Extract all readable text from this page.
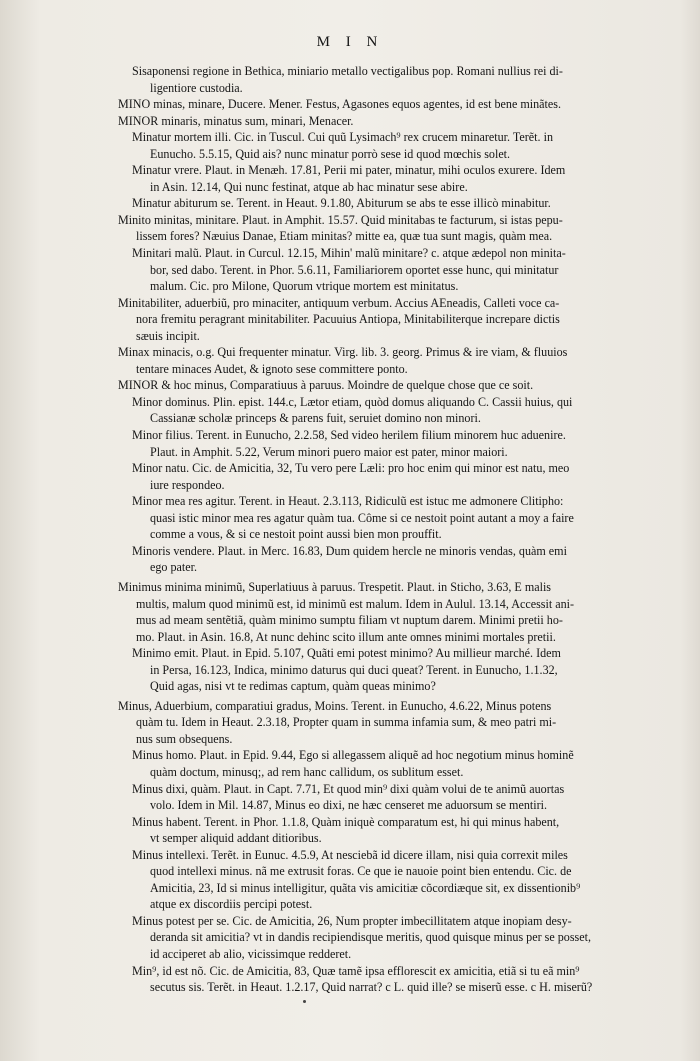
M I N
Sisaponensi regione in Bethica, miniario metallo vectigalibus pop. Romani nullius rei di-
ligentiore custodia.
MINO minas, minare, Ducere. Mener. Festus, Agasones equos agentes, id est bene minãtes.
MINOR minaris, minatus sum, minari, Menacer.
Minatur mortem illi. Cic. in Tuscul. Cui quũ Lysimach⁹ rex crucem minaretur. Terẽt. in
Eunucho. 5.5.15, Quid ais? nunc minatur porrò sese id quod mœchis solet.
Minatur vrere. Plaut. in Menæh. 17.81, Perii mi pater, minatur, mihi oculos exurere. Idem
in Asin. 12.14, Qui nunc festinat, atque ab hac minatur sese abire.
Minatur abiturum se. Terent. in Heaut. 9.1.80, Abiturum se abs te esse illicò minabitur.
Minito minitas, minitare. Plaut. in Amphit. 15.57. Quid minitabas te facturum, si istas pepu-
lissem fores? Næuius Danae, Etiam minitas? mitte ea, quæ tua sunt magis, quàm mea.
Minitari malũ. Plaut. in Curcul. 12.15, Mihin' malũ minitare? c. atque ædepol non minita-
bor, sed dabo. Terent. in Phor. 5.6.11, Familiariorem oportet esse hunc, qui minitatur
malum. Cic. pro Milone, Quorum vtrique mortem est minitatus.
Minitabiliter, aduerbiũ, pro minaciter, antiquum verbum. Accius AEneadis, Calleti voce ca-
nora fremitu peragrant minitabiliter. Pacuuius Antiopa, Minitabiliterque increpare dictis
sæuis incipit.
Minax minacis, o.g. Qui frequenter minatur. Virg. lib. 3. georg. Primus & ire viam, & fluuios
tentare minaces Audet, & ignoto sese committere ponto.
MINOR & hoc minus, Comparatiuus à paruus. Moindre de quelque chose que ce soit.
Minor dominus. Plin. epist. 144.c, Lætor etiam, quòd domus aliquando C. Cassii huius, qui
Cassianæ scholæ princeps & parens fuit, seruiet domino non minori.
Minor filius. Terent. in Eunucho, 2.2.58, Sed video herilem filium minorem huc aduenire.
Plaut. in Amphit. 5.22, Verum minori puero maior est pater, minor maiori.
Minor natu. Cic. de Amicitia, 32, Tu vero pere Læli: pro hoc enim qui minor est natu, meo
iure respondeo.
Minor mea res agitur. Terent. in Heaut. 2.3.113, Ridiculũ est istuc me admonere Clitipho:
quasi istic minor mea res agatur quàm tua. Côme si ce nestoit point autant a moy a faire
comme a vous, & si ce nestoit point aussi bien mon prouffit.
Minoris vendere. Plaut. in Merc. 16.83, Dum quidem hercle ne minoris vendas, quàm emi
ego pater.
Minimus minima minimũ, Superlatiuus à paruus. Trespetit. Plaut. in Sticho, 3.63, E malis
multis, malum quod minimũ est, id minimũ est malum. Idem in Aulul. 13.14, Accessit ani-
mus ad meam sentẽtiã, quàm minimo sumptu filiam vt nuptum darem. Minimi pretii ho-
mo. Plaut. in Asin. 16.8, At nunc dehinc scito illum ante omnes minimi mortales pretii.
Minimo emit. Plaut. in Epid. 5.107, Quãti emi potest minimo? Au millieur marché. Idem
in Persa, 16.123, Indica, minimo daturus qui duci queat? Terent. in Eunucho, 1.1.32,
Quid agas, nisi vt te redimas captum, quàm queas minimo?
Minus, Aduerbium, comparatiui gradus, Moins. Terent. in Eunucho, 4.6.22, Minus potens
quàm tu. Idem in Heaut. 2.3.18, Propter quam in summa infamia sum, & meo patri mi-
nus sum obsequens.
Minus homo. Plaut. in Epid. 9.44, Ego si allegassem aliquẽ ad hoc negotium minus hominẽ
quàm doctum, minusq;, ad rem hanc callidum, os sublitum esset.
Minus dixi, quàm. Plaut. in Capt. 7.71, Et quod min⁹ dixi quàm volui de te animũ auortas
volo. Idem in Mil. 14.87, Minus eo dixi, ne hæc censeret me aduorsum se mentiri.
Minus habent. Terent. in Phor. 1.1.8, Quàm iniquè comparatum est, hi qui minus habent,
vt semper aliquid addant ditioribus.
Minus intellexi. Terẽt. in Eunuc. 4.5.9, At nesciebã id dicere illam, nisi quia correxit miles
quod intellexi minus. nã me extrusit foras. Ce que ie nauoie point bien entendu. Cic. de
Amicitia, 23, Id si minus intelligitur, quãta vis amicitiæ cõcordiæque sit, ex dissentionib⁹
atque ex discordiis percipi potest.
Minus potest per se. Cic. de Amicitia, 26, Num propter imbecillitatem atque inopiam desy-
deranda sit amicitia? vt in dandis recipiendisque meritis, quod quisque minus per se posset,
id acciperet ab alio, vicissimque redderet.
Min⁹, id est nõ. Cic. de Amicitia, 83, Quæ tamẽ ipsa efflorescit ex amicitia, etiã si tu eã min⁹
secutus sis. Terẽt. in Heaut. 1.2.17, Quid narrat? c L. quid ille? se miserũ esse. c H. miserũ?
